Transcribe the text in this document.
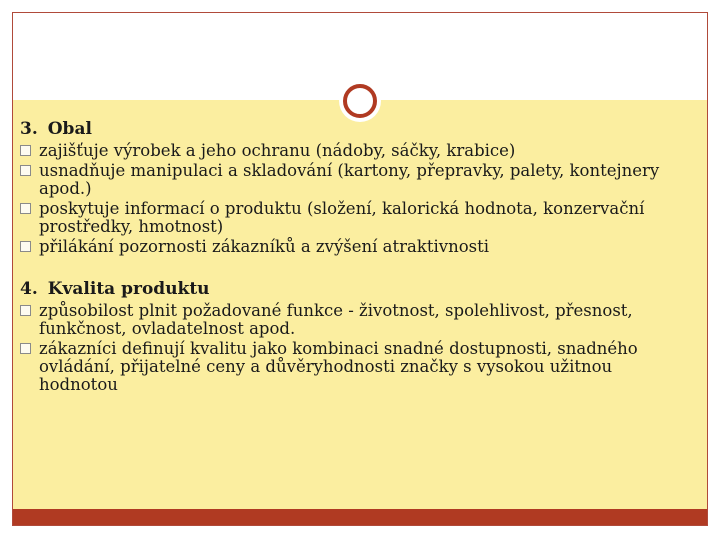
3. Obal
zajišťuje výrobek a jeho ochranu (nádoby, sáčky, krabice)
usnadňuje manipulaci a skladování (kartony, přepravky, palety, kontejnery apod.)
poskytuje informací o produktu (složení, kalorická hodnota, konzervační prostředky, hmotnost)
přilákání pozornosti zákazníků a zvýšení atraktivnosti
4. Kvalita produktu
způsobilost plnit požadované funkce - životnost, spolehlivost, přesnost, funkčnost, ovladatelnost apod.
zákazníci definují kvalitu jako kombinaci snadné dostupnosti, snadného ovládání, přijatelné ceny a důvěryhodnosti značky s vysokou užitnou hodnotou
